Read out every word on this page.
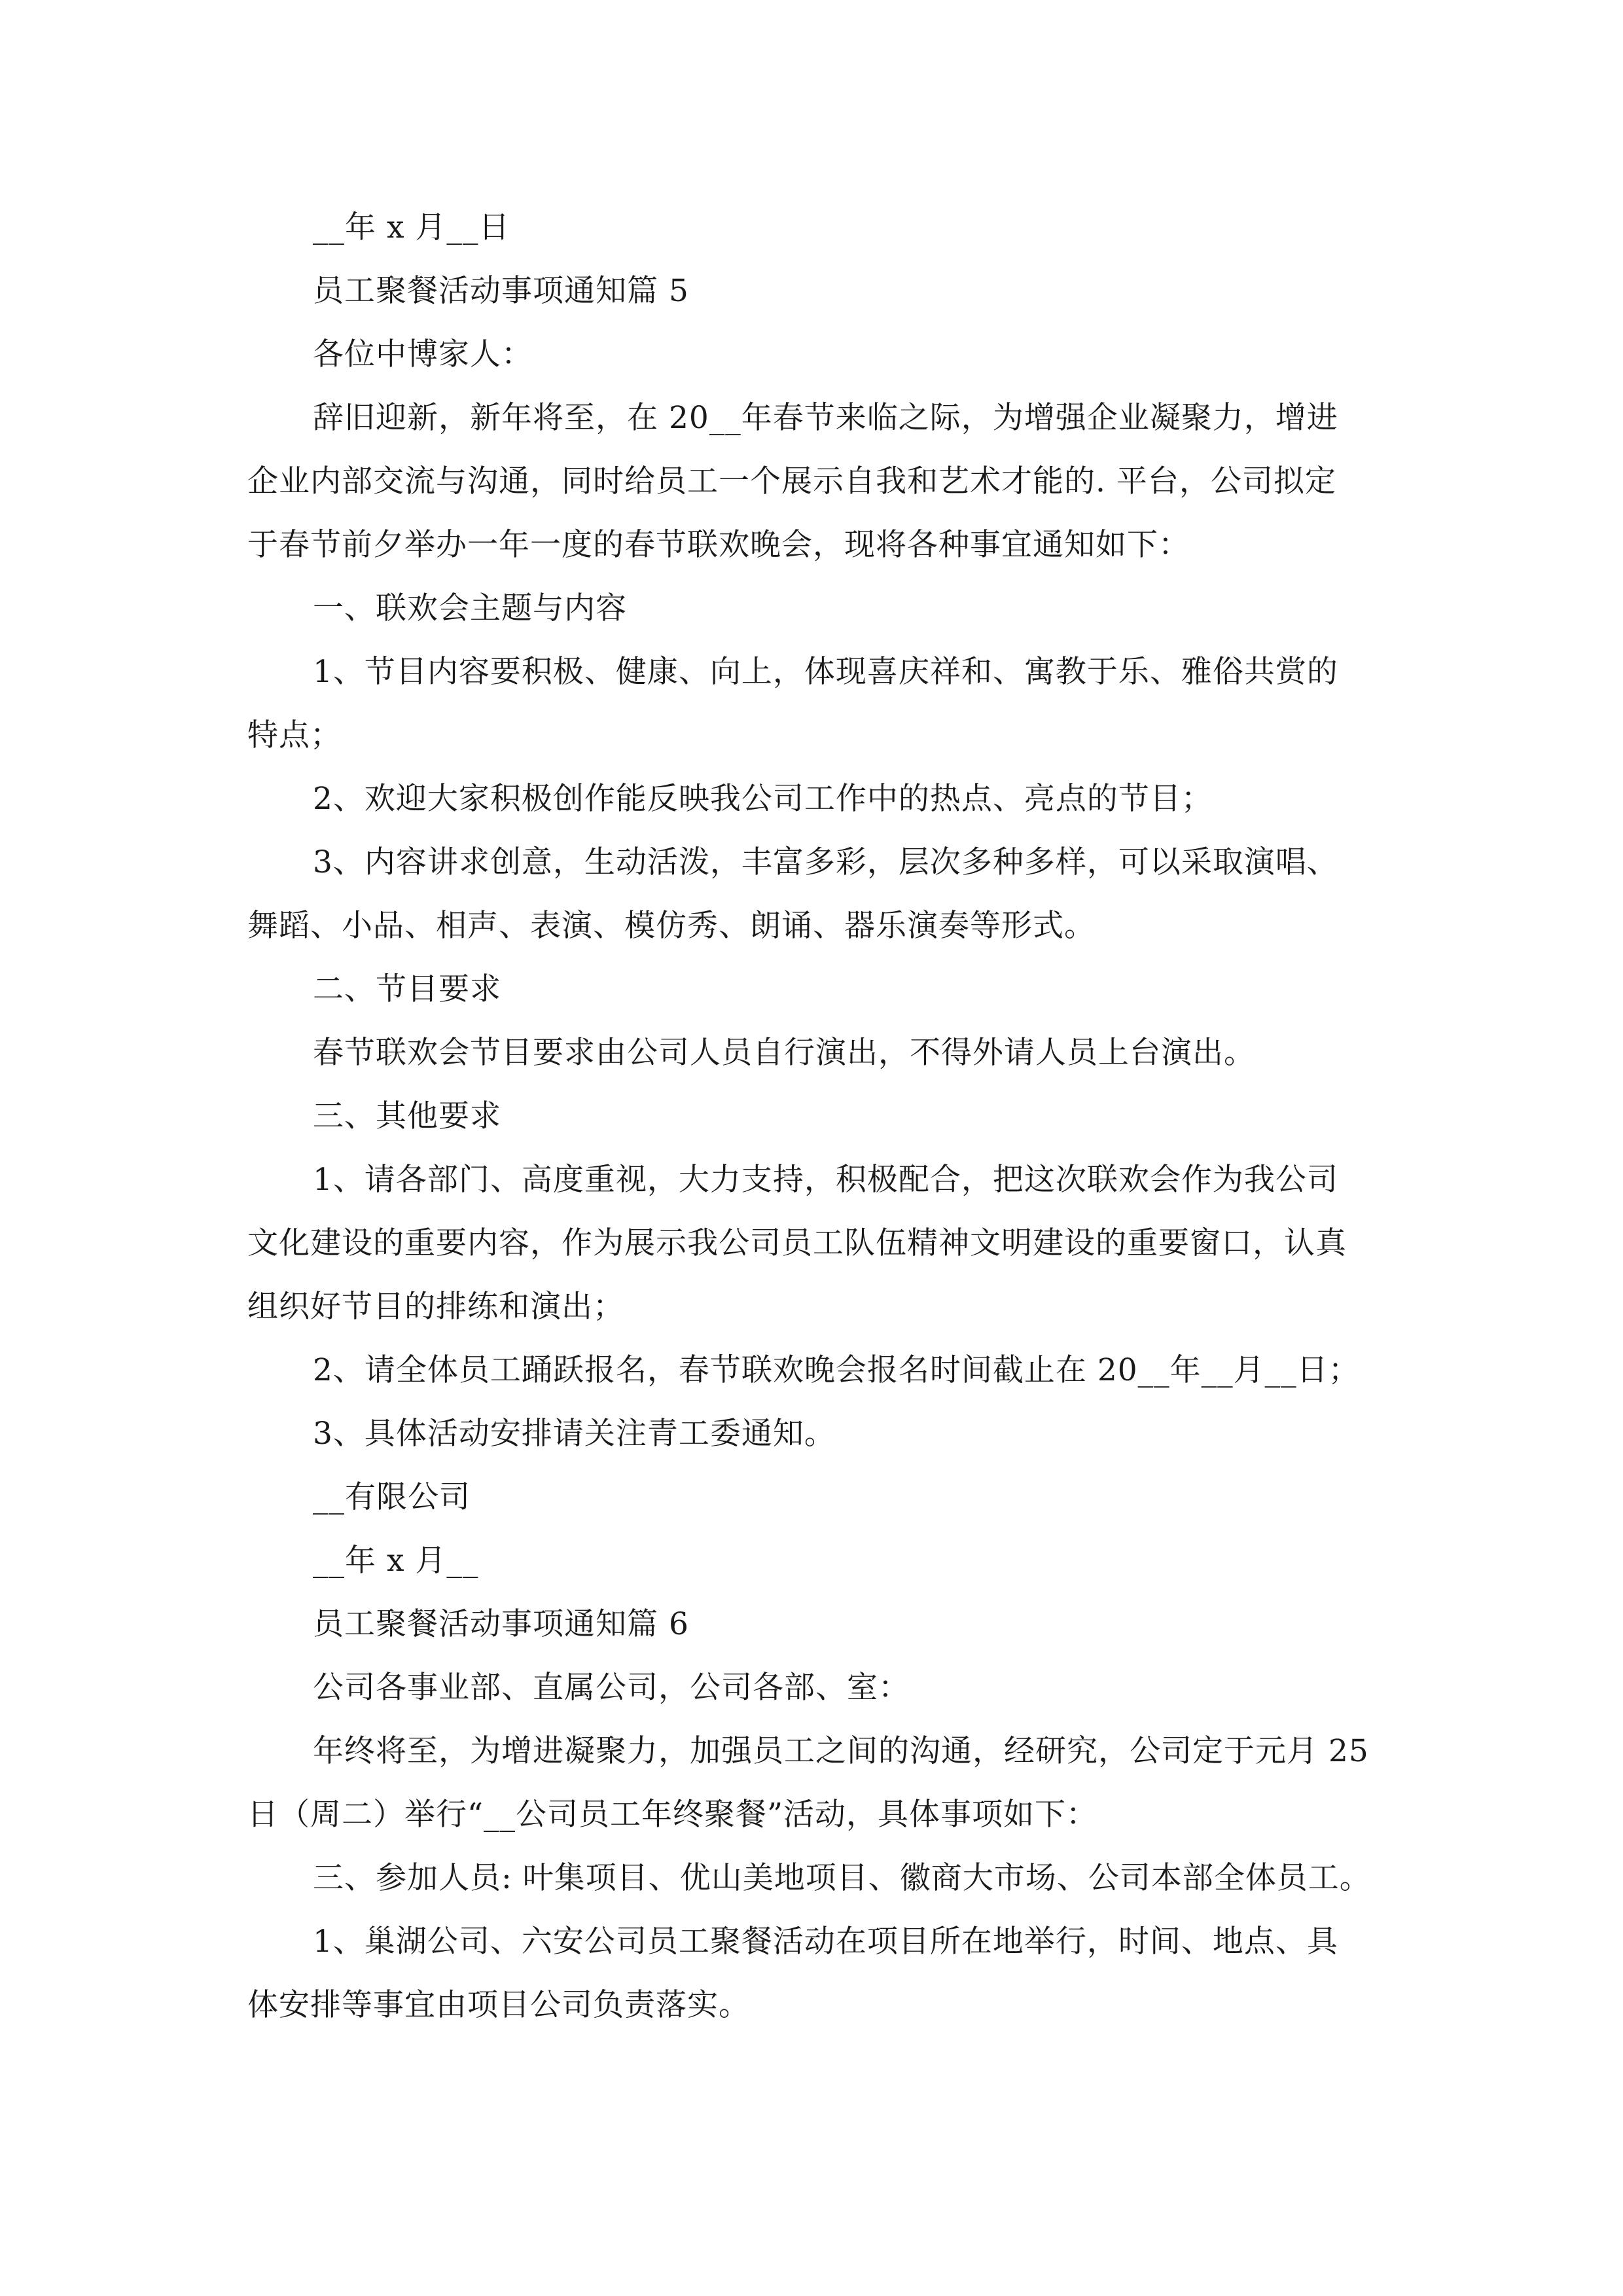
__年 x 月__日
员工聚餐活动事项通知篇 5
各位中博家人：
辞旧迎新，新年将至，在 20__年春节来临之际，为增强企业凝聚力，增进
企业内部交流与沟通，同时给员工一个展示自我和艺术才能的. 平台，公司拟定
于春节前夕举办一年一度的春节联欢晚会，现将各种事宜通知如下：
一、联欢会主题与内容
1、节目内容要积极、健康、向上，体现喜庆祥和、寓教于乐、雅俗共赏的
特点；
2、欢迎大家积极创作能反映我公司工作中的热点、亮点的节目；
3、内容讲求创意，生动活泼，丰富多彩，层次多种多样，可以采取演唱、
舞蹈、小品、相声、表演、模仿秀、朗诵、器乐演奏等形式。
二、节目要求
春节联欢会节目要求由公司人员自行演出，不得外请人员上台演出。
三、其他要求
1、请各部门、高度重视，大力支持，积极配合，把这次联欢会作为我公司
文化建设的重要内容，作为展示我公司员工队伍精神文明建设的重要窗口，认真
组织好节目的排练和演出；
2、请全体员工踊跃报名，春节联欢晚会报名时间截止在 20__年__月__日；
3、具体活动安排请关注青工委通知。
__有限公司
__年 x 月__
员工聚餐活动事项通知篇 6
公司各事业部、直属公司，公司各部、室：
年终将至，为增进凝聚力，加强员工之间的沟通，经研究，公司定于元月 25
日（周二）举行“__公司员工年终聚餐”活动，具体事项如下：
三、参加人员: 叶集项目、优山美地项目、徽商大市场、公司本部全体员工。
1、巢湖公司、六安公司员工聚餐活动在项目所在地举行，时间、地点、具
体安排等事宜由项目公司负责落实。
